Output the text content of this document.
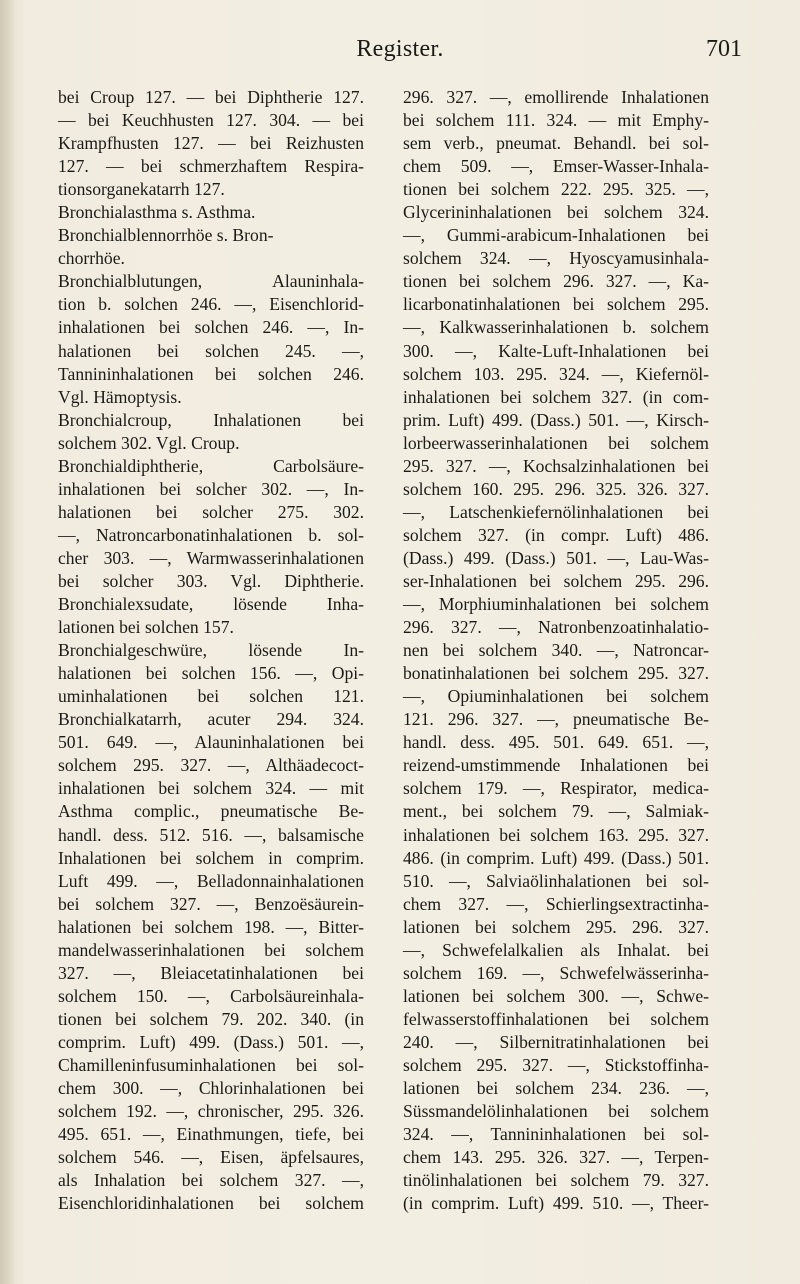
Register.	701
bei Croup 127. — bei Diphtherie 127.
— bei Keuchhusten 127. 304. — bei
Krampfhusten 127. — bei Reizhusten
127. — bei schmerzhaftem Respira-
tionsorganekatarrh 127.
Bronchialasthma s. Asthma.
Bronchialblennorrhöe s. Bron-
chorrhöe.
Bronchialblutungen, Alauninhala-
tion b. solchen 246. —, Eisenchlorid-
inhalationen bei solchen 246. —, In-
halationen bei solchen 245. —,
Tannininhalationen bei solchen 246.
Vgl. Hämoptysis.
Bronchialcroup, Inhalationen bei
solchem 302. Vgl. Croup.
Bronchialdiphtherie, Carbolsäure-
inhalationen bei solcher 302. —, In-
halationen bei solcher 275. 302.
—, Natroncarbonatinhalationen b. sol-
cher 303. —, Warmwasserinhalationen
bei solcher 303. Vgl. Diphtherie.
Bronchialexsudate, lösende Inha-
lationen bei solchen 157.
Bronchialgeschwüre, lösende In-
halationen bei solchen 156. —, Opi-
uminhalationen bei solchen 121.
Bronchialkatarrh, acuter 294. 324.
501. 649. —, Alauninhalationen bei
solchem 295. 327. —, Althäadecoct-
inhalationen bei solchem 324. — mit
Asthma complic., pneumatische Be-
handl. dess. 512. 516. —, balsamische
Inhalationen bei solchem in comprim.
Luft 499. —, Belladonnainhalationen
bei solchem 327. —, Benzoësäurein-
halationen bei solchem 198. —, Bitter-
mandelwasserinhalationen bei solchem
327. —, Bleiacetatinhalationen bei
solchem 150. —, Carbolsäureinhala-
tionen bei solchem 79. 202. 340. (in
comprim. Luft) 499. (Dass.) 501. —,
Chamilleninfusuminhalationen bei sol-
chem 300. —, Chlorinhalationen bei
solchem 192. —, chronischer, 295. 326.
495. 651. —, Einathmungen, tiefe, bei
solchem 546. —, Eisen, äpfelsaures,
als Inhalation bei solchem 327. —,
Eisenchloridinhalationen bei solchem
296. 327. —, emollirende Inhalationen
bei solchem 111. 324. — mit Emphy-
sem verb., pneumat. Behandl. bei sol-
chem 509. —, Emser-Wasser-Inhala-
tionen bei solchem 222. 295. 325. —,
Glycerininhalationen bei solchem 324.
—, Gummi-arabicum-Inhalationen bei
solchem 324. —, Hyoscyamusinhala-
tionen bei solchem 296. 327. —, Ka-
licarbonatinhalationen bei solchem 295.
—, Kalkwasserinhalationen b. solchem
300. —, Kalte-Luft-Inhalationen bei
solchem 103. 295. 324. —, Kiefernöl-
inhalationen bei solchem 327. (in com-
prim. Luft) 499. (Dass.) 501. —, Kirsch-
lorbeerwasserinhalationen bei solchem
295. 327. —, Kochsalzinhalationen bei
solchem 160. 295. 296. 325. 326. 327.
—, Latschenkiefernölinhalationen bei
solchem 327. (in compr. Luft) 486.
(Dass.) 499. (Dass.) 501. —, Lau-Was-
ser-Inhalationen bei solchem 295. 296.
—, Morphiuminhalationen bei solchem
296. 327. —, Natronbenzoatinhalatio-
nen bei solchem 340. —, Natroncar-
bonatinhalationen bei solchem 295. 327.
—, Opiuminhalationen bei solchem
121. 296. 327. —, pneumatische Be-
handl. dess. 495. 501. 649. 651. —,
reizend-umstimmende Inhalationen bei
solchem 179. —, Respirator, medica-
ment., bei solchem 79. —, Salmiak-
inhalationen bei solchem 163. 295. 327.
486. (in comprim. Luft) 499. (Dass.) 501.
510. —, Salviaölinhalationen bei sol-
chem 327. —, Schierlingsextractinha-
lationen bei solchem 295. 296. 327.
—, Schwefelalkalien als Inhalat. bei
solchem 169. —, Schwefelwässerinha-
lationen bei solchem 300. —, Schwe-
felwasserstoffinhalationen bei solchem
240. —, Silbernitratinhalationen bei
solchem 295. 327. —, Stickstoffinha-
lationen bei solchem 234. 236. —,
Süssmandelölinhalationen bei solchem
324. —, Tannininhalationen bei sol-
chem 143. 295. 326. 327. —, Terpen-
tinölinhalationen bei solchem 79. 327.
(in comprim. Luft) 499. 510. —, Theer-
